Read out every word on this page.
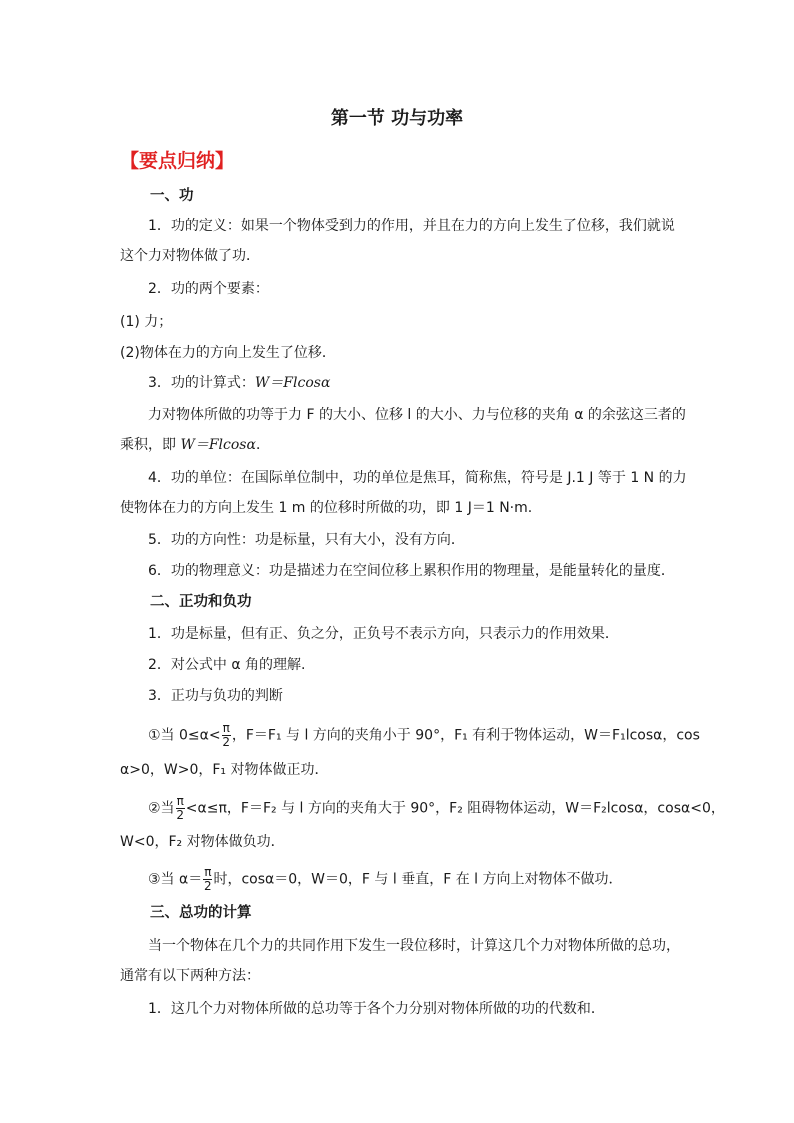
第一节 功与功率
【要点归纳】
一、功
1．功的定义：如果一个物体受到力的作用，并且在力的方向上发生了位移，我们就说
这个力对物体做了功．
2．功的两个要素：
(1) 力；
(2)物体在力的方向上发生了位移．
3．功的计算式：W＝Flcosα
力对物体所做的功等于力 F 的大小、位移 l 的大小、力与位移的夹角 α 的余弦这三者的
乘积，即 W＝Flcosα．
4．功的单位：在国际单位制中，功的单位是焦耳，简称焦，符号是 J.1 J 等于 1 N 的力
使物体在力的方向上发生 1 m 的位移时所做的功，即 1 J＝1 N·m.
5．功的方向性：功是标量，只有大小，没有方向．
6．功的物理意义：功是描述力在空间位移上累积作用的物理量，是能量转化的量度．
二、正功和负功
1．功是标量，但有正、负之分，正负号不表示方向，只表示力的作用效果．
2．对公式中 α 角的理解.
3．正功与负功的判断
①当 $0\le\alpha< \frac{\pi}{2}$ ，F＝F₁ 与 l 方向的夹角小于 90°，F₁ 有利于物体运动，W＝F₁lcosα，cos
α>0，W>0，F₁ 对物体做正功．
②当 $\frac{\pi}{2} <\alpha\le\pi$，F＝F₂ 与 l 方向的夹角大于 90°，F₂ 阻碍物体运动，W＝F₂lcosα，cosα<0，
W<0，F₂ 对物体做负功．
③当 $\alpha= \frac{\pi}{2}$ 时，cosα＝0，W＝0，F 与 l 垂直，F 在 l 方向上对物体不做功．
三、总功的计算
当一个物体在几个力的共同作用下发生一段位移时，计算这几个力对物体所做的总功，
通常有以下两种方法：
1．这几个力对物体所做的总功等于各个力分别对物体所做的功的代数和．
